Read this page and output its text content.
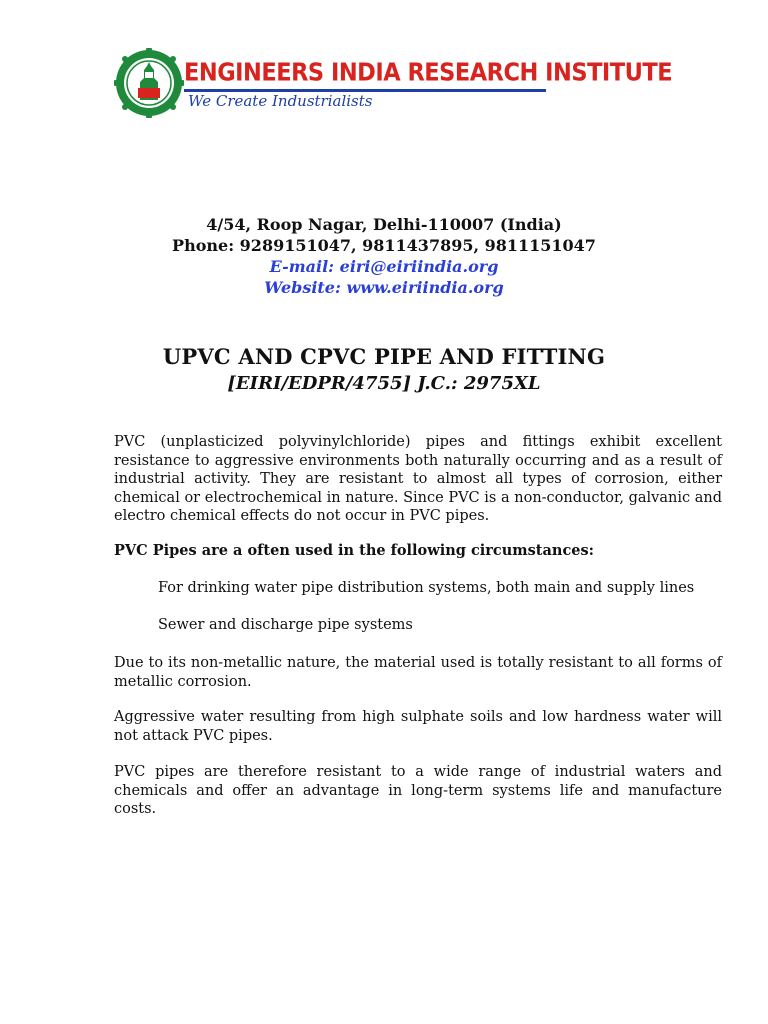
ENGINEERS INDIA RESEARCH INSTITUTE
We Create Industrialists
4/54, Roop Nagar, Delhi-110007 (India)
Phone: 9289151047, 9811437895, 9811151047
E-mail: eiri@eiriindia.org
Website: www.eiriindia.org
UPVC AND CPVC PIPE AND FITTING
[EIRI/EDPR/4755] J.C.: 2975XL
PVC (unplasticized polyvinylchloride) pipes and fittings exhibit excellent resistance to aggressive environments both naturally occurring and as a result of industrial activity. They are resistant to almost all types of corrosion, either chemical or electrochemical in nature. Since PVC is a non-conductor, galvanic and electro chemical effects do not occur in PVC pipes.
PVC Pipes are a often used in the following circumstances:
For drinking water pipe distribution systems, both main and supply lines
Sewer and discharge pipe systems
Due to its non-metallic nature, the material used is totally resistant to all forms of metallic corrosion.
Aggressive water resulting from high sulphate soils and low hardness water will not attack PVC pipes.
PVC pipes are therefore resistant to a wide range of industrial waters and chemicals and offer an advantage in long-term systems life and manufacture costs.
